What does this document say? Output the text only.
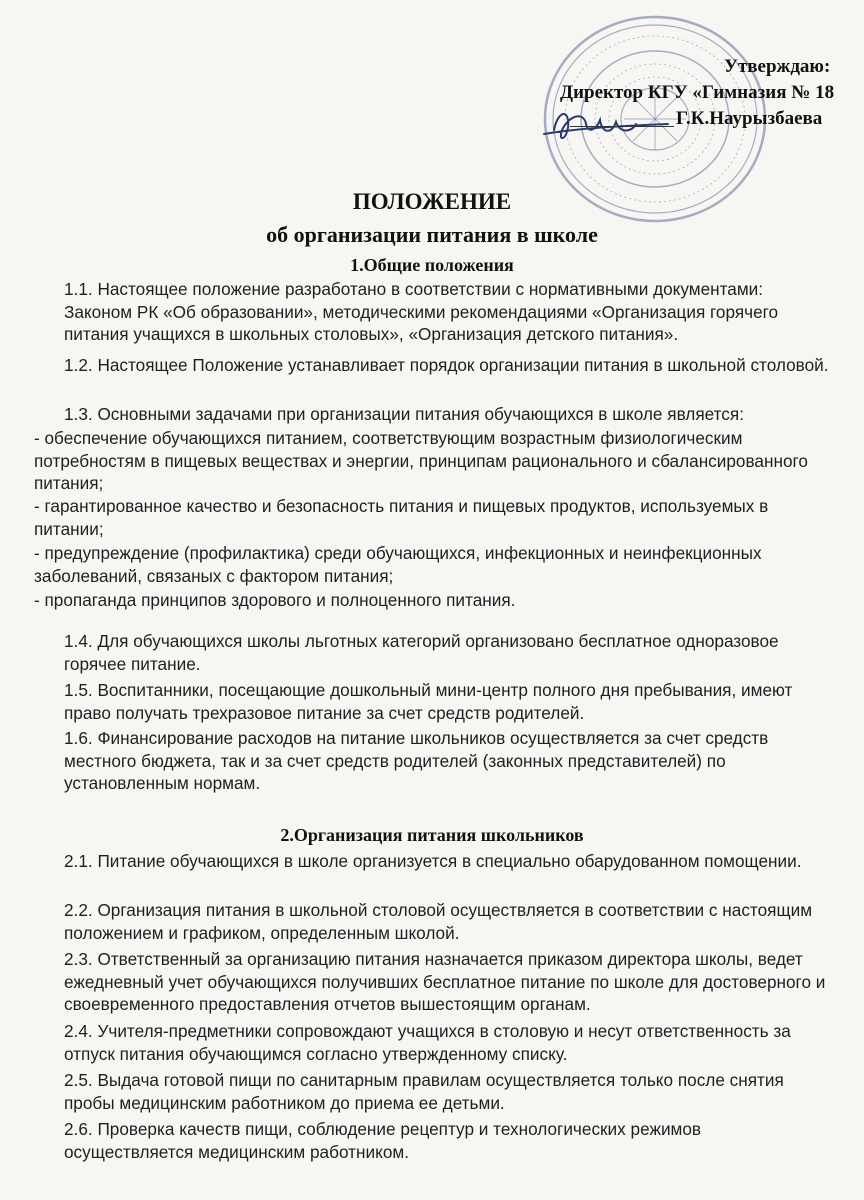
Утверждаю:
Директор КГУ «Гимназия № 18
Г.К.Наурызбаева
ПОЛОЖЕНИЕ
об организации питания в школе
1.Общие положения
1.1. Настоящее положение разработано в соответствии с нормативными документами: Законом РК «Об образовании», методическими рекомендациями «Организация горячего питания учащихся в школьных столовых», «Организация детского питания».
1.2. Настоящее Положение устанавливает порядок организации питания в школьной столовой.
1.3. Основными задачами при организации питания обучающихся в школе является:
- обеспечение обучающихся питанием, соответствующим возрастным физиологическим потребностям в пищевых веществах и энергии, принципам рационального и сбалансированного питания;
- гарантированное качество и безопасность питания и пищевых продуктов, используемых в питании;
- предупреждение (профилактика) среди обучающихся, инфекционных и неинфекционных заболеваний, связаных с фактором питания;
- пропаганда принципов здорового и полноценного питания.
1.4. Для обучающихся школы льготных категорий организовано бесплатное одноразовое горячее питание.
1.5. Воспитанники, посещающие дошкольный мини-центр полного дня пребывания, имеют право получать трехразовое питание за счет средств родителей.
1.6. Финансирование расходов на питание школьников осуществляется за счет средств местного бюджета, так и за счет средств родителей (законных представителей) по установленным нормам.
2.Организация питания школьников
2.1. Питание обучающихся в школе организуется в специально обарудованном помощении.
2.2. Организация питания в школьной столовой осуществляется в соответствии с настоящим положением и графиком, определенным школой.
2.3. Ответственный за организацию питания назначается приказом директора школы, ведет ежедневный учет обучающихся получивших бесплатное питание по школе для достоверного и своевременного предоставления отчетов вышестоящим органам.
2.4. Учителя-предметники сопровождают учащихся в столовую и несут ответственность за отпуск питания обучающимся согласно утвержденному списку.
2.5. Выдача готовой пищи по санитарным правилам осуществляется только после снятия пробы медицинским работником до приема ее детьми.
2.6. Проверка качеств пищи, соблюдение рецептур и технологических режимов осуществляется медицинским работником.
